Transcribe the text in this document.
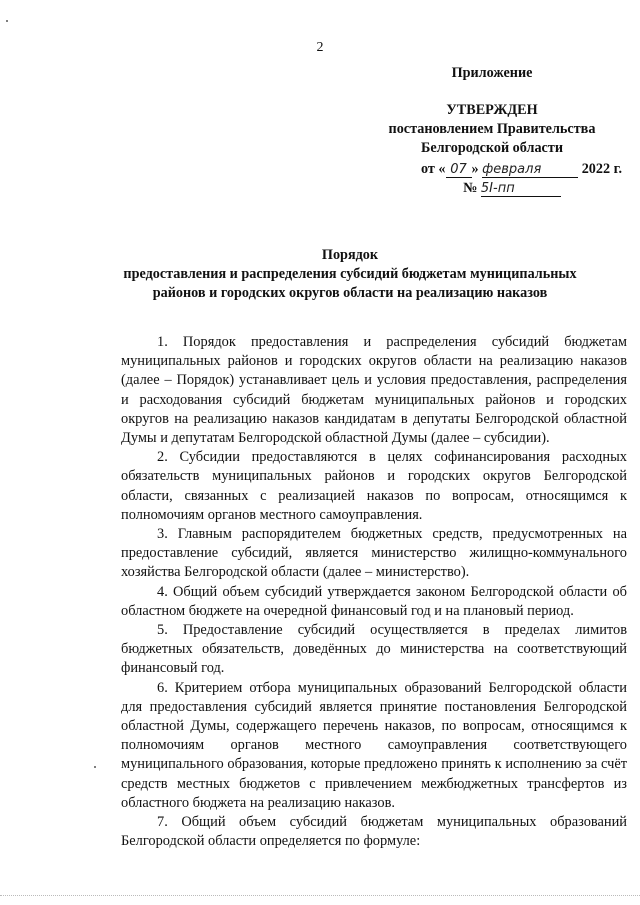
2
Приложение
УТВЕРЖДЕН
постановлением Правительства
Белгородской области
от « 07 » февраля	2022 г.
№ 5I-пп
Порядок
предоставления и распределения субсидий бюджетам муниципальных
районов и городских округов области на реализацию наказов

1. Порядок предоставления и распределения субсидий бюджетам муниципальных районов и городских округов области на реализацию наказов (далее – Порядок) устанавливает цель и условия предоставления, распределения и расходования субсидий бюджетам муниципальных районов и городских округов на реализацию наказов кандидатам в депутаты Белгородской областной Думы и депутатам Белгородской областной Думы (далее – субсидии).

2. Субсидии предоставляются в целях софинансирования расходных обязательств муниципальных районов и городских округов Белгородской области, связанных с реализацией наказов по вопросам, относящимся к полномочиям органов местного самоуправления.

3. Главным распорядителем бюджетных средств, предусмотренных на предоставление субсидий, является министерство жилищно-коммунального хозяйства Белгородской области (далее – министерство).

4. Общий объем субсидий утверждается законом Белгородской области об областном бюджете на очередной финансовый год и на плановый период.

5. Предоставление субсидий осуществляется в пределах лимитов бюджетных обязательств, доведённых до министерства на соответствующий финансовый год.

6. Критерием отбора муниципальных образований Белгородской области для предоставления субсидий является принятие постановления Белгородской областной Думы, содержащего перечень наказов, по вопросам, относящимся к полномочиям органов местного самоуправления соответствующего муниципального образования, которые предложено принять к исполнению за счёт средств местных бюджетов с привлечением межбюджетных трансфертов из областного бюджета на реализацию наказов.

7. Общий объем субсидий бюджетам муниципальных образований Белгородской области определяется по формуле:
